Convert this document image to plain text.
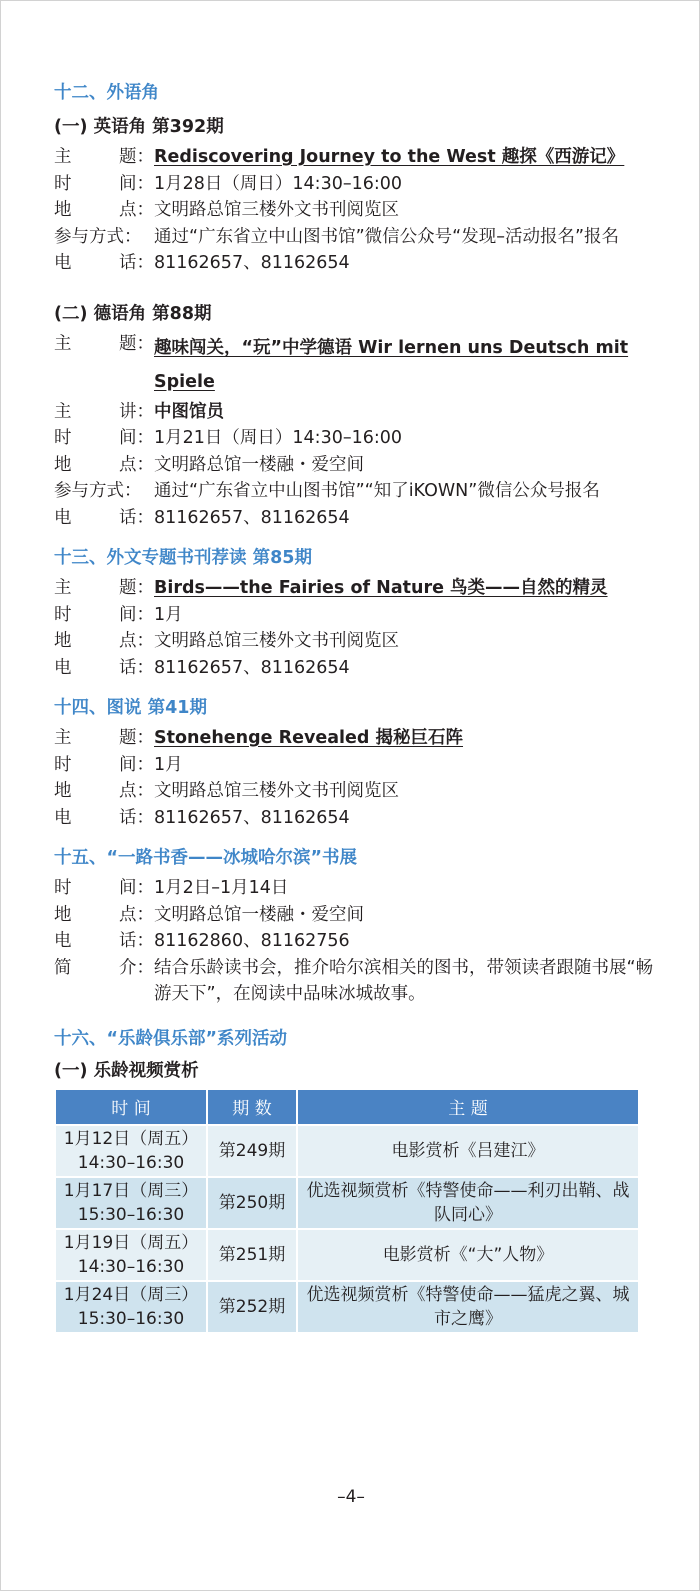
十二、外语角
(一) 英语角 第392期
主	题： Rediscovering Journey to the West 趣探《西游记》
时	间： 1月28日（周日）14:30–16:00
地	点： 文明路总馆三楼外文书刊阅览区
参与方式： 通过“广东省立中山图书馆”微信公众号“发现–活动报名”报名
电	话： 81162657、81162654
(二) 德语角 第88期
主	题： 趣味闯关，“玩”中学德语 Wir lernen uns Deutsch mit Spiele
主	讲： 中图馆员
时	间： 1月21日（周日）14:30–16:00
地	点： 文明路总馆一楼融・爱空间
参与方式： 通过“广东省立中山图书馆”“知了iKOWN”微信公众号报名
电	话： 81162657、81162654
十三、外文专题书刊荐读 第85期
主	题： Birds——the Fairies of Nature 鸟类——自然的精灵
时	间： 1月
地	点： 文明路总馆三楼外文书刊阅览区
电	话： 81162657、81162654
十四、图说 第41期
主	题： Stonehenge Revealed 揭秘巨石阵
时	间： 1月
地	点： 文明路总馆三楼外文书刊阅览区
电	话： 81162657、81162654
十五、“一路书香——冰城哈尔滨”书展
时	间： 1月2日–1月14日
地	点： 文明路总馆一楼融・爱空间
电	话： 81162860、81162756
简	介： 结合乐龄读书会，推介哈尔滨相关的图书，带领读者跟随书展“畅游天下”，在阅读中品味冰城故事。
十六、“乐龄俱乐部”系列活动
(一) 乐龄视频赏析
时 间	期 数	主 题

1月12日（周五）
14:30–16:30	第249期	电影赏析《吕建江》

1月17日（周三）
15:30–16:30	第250期	优选视频赏析《特警使命——利刃出鞘、战队同心》

1月19日（周五）
14:30–16:30	第251期	电影赏析《“大”人物》

1月24日（周三）
15:30–16:30	第252期	优选视频赏析《特警使命——猛虎之翼、城市之鹰》
–4–
